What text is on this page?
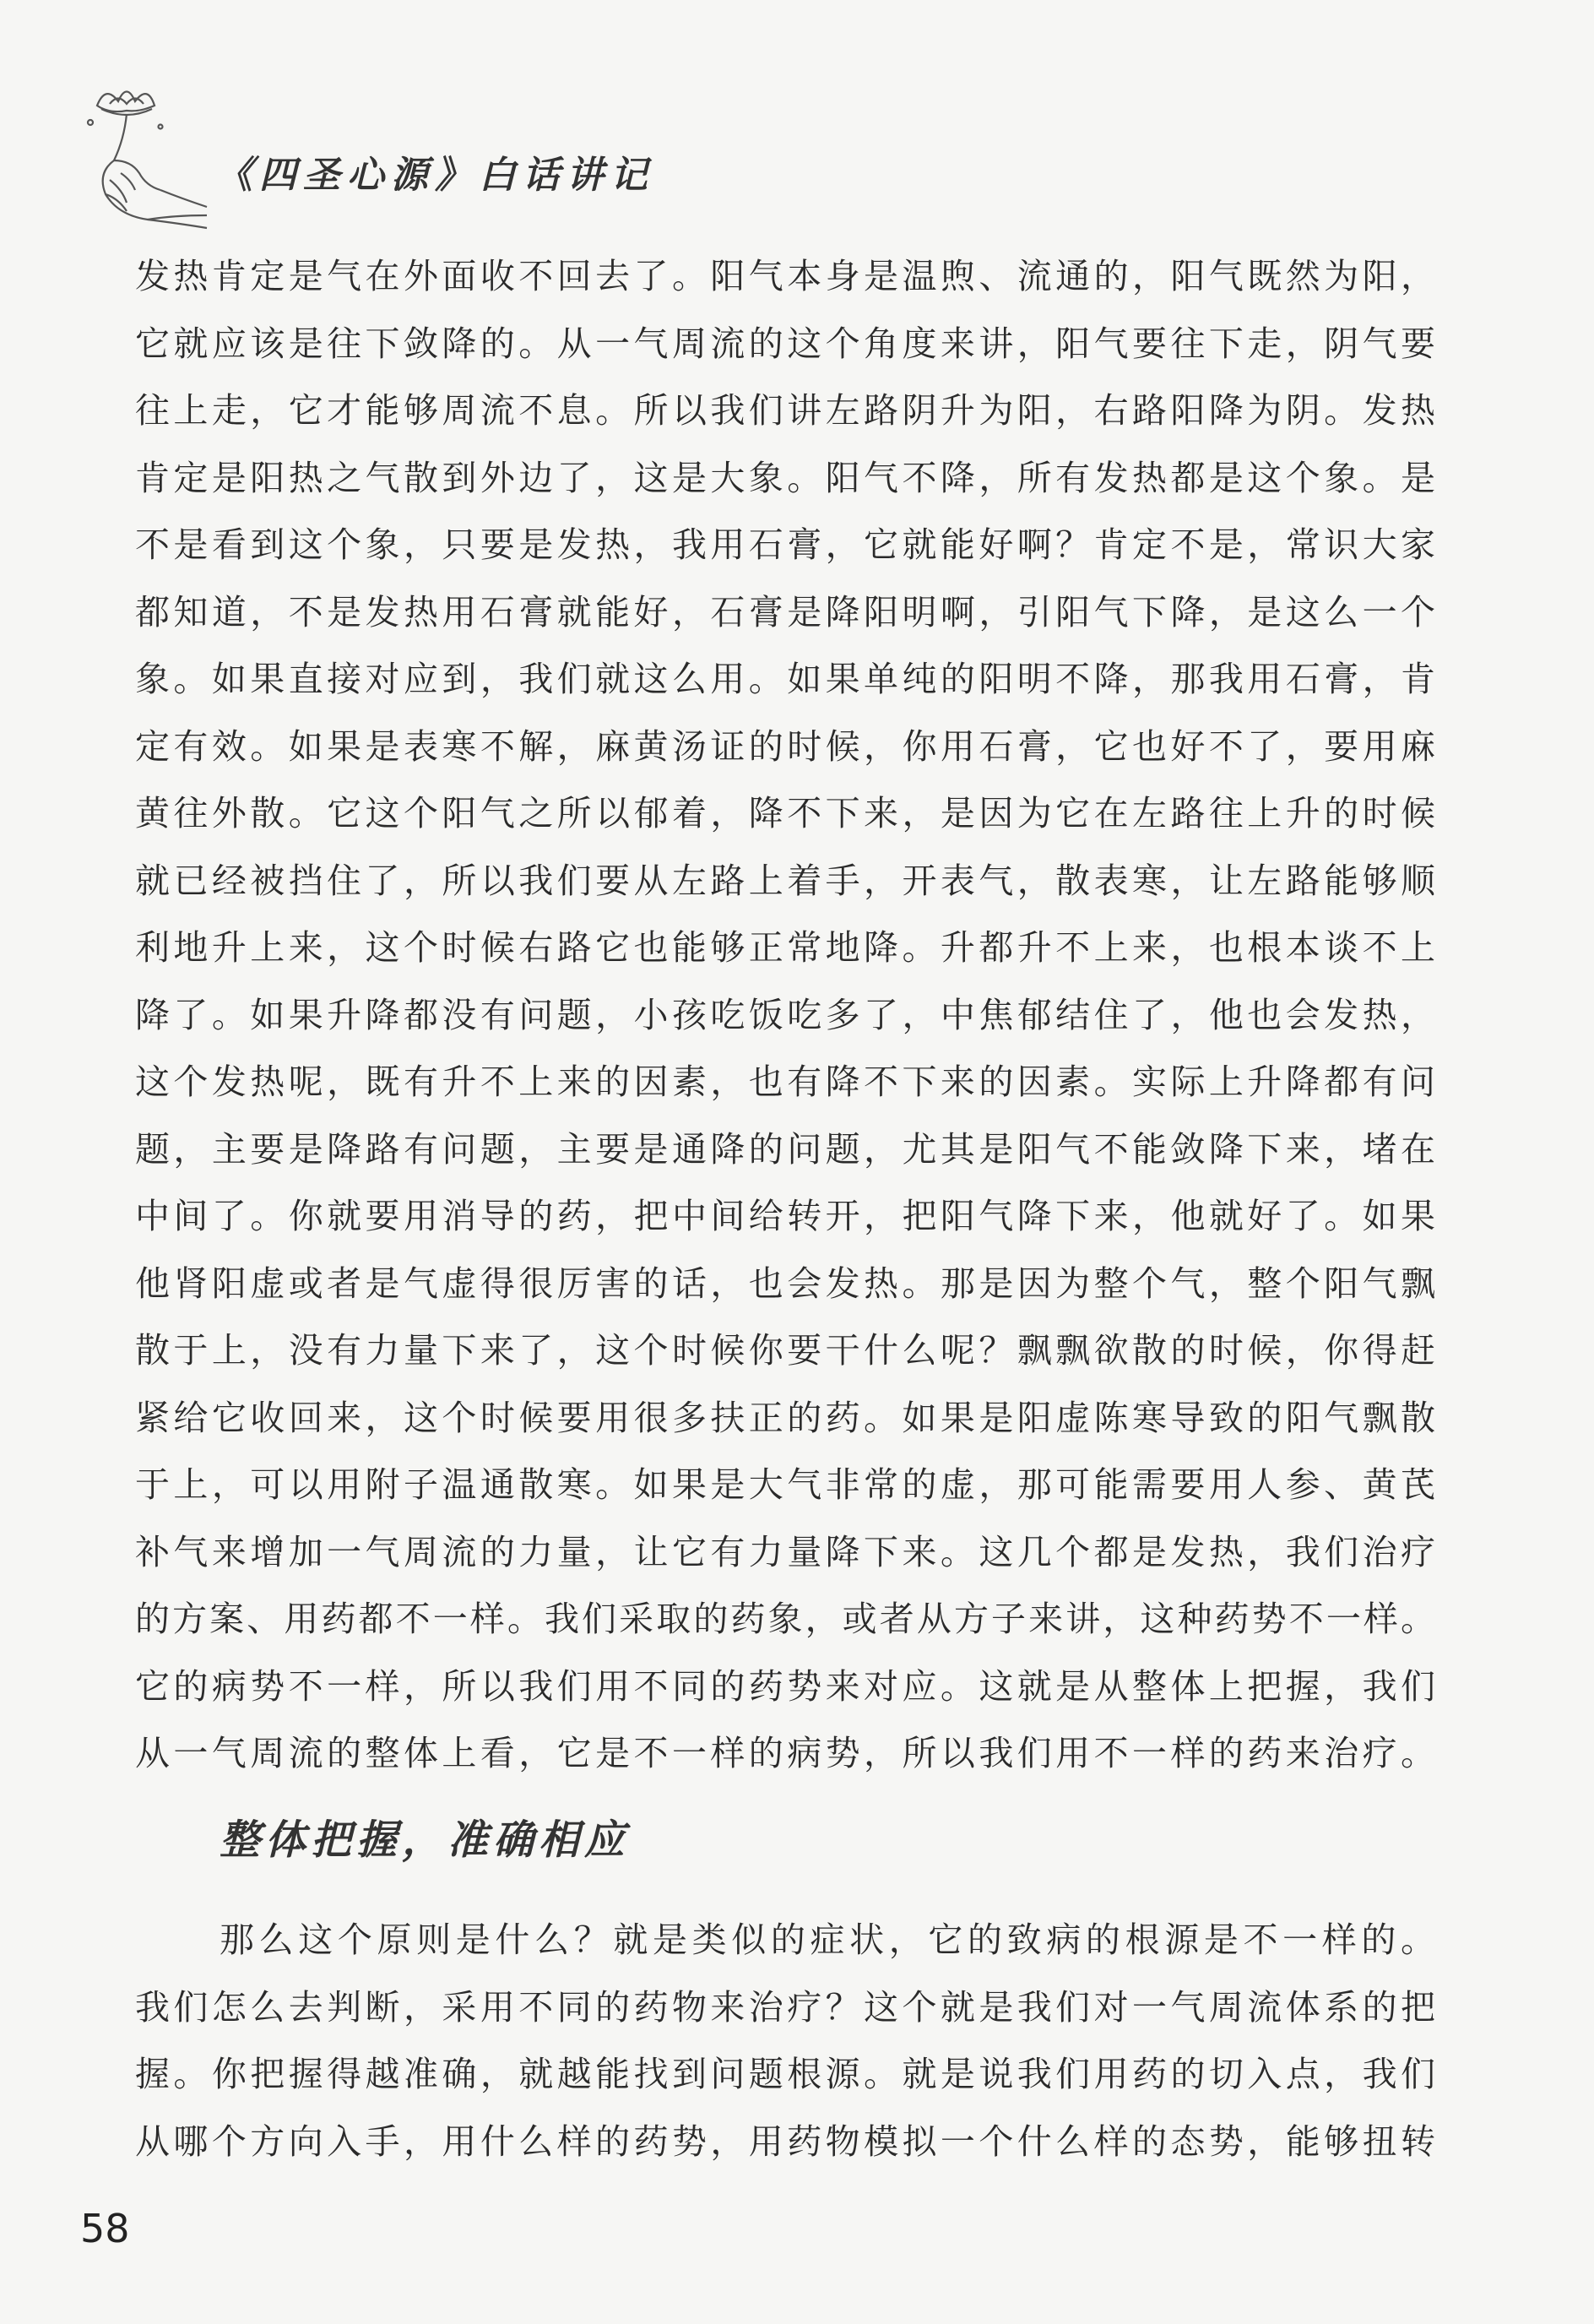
《四圣心源》白话讲记
发热肯定是气在外面收不回去了。阳气本身是温煦、流通的，阳气既然为阳，
它就应该是往下敛降的。从一气周流的这个角度来讲，阳气要往下走，阴气要
往上走，它才能够周流不息。所以我们讲左路阴升为阳，右路阳降为阴。发热
肯定是阳热之气散到外边了，这是大象。阳气不降，所有发热都是这个象。是
不是看到这个象，只要是发热，我用石膏，它就能好啊？肯定不是，常识大家
都知道，不是发热用石膏就能好，石膏是降阳明啊，引阳气下降，是这么一个
象。如果直接对应到，我们就这么用。如果单纯的阳明不降，那我用石膏，肯
定有效。如果是表寒不解，麻黄汤证的时候，你用石膏，它也好不了，要用麻
黄往外散。它这个阳气之所以郁着，降不下来，是因为它在左路往上升的时候
就已经被挡住了，所以我们要从左路上着手，开表气，散表寒，让左路能够顺
利地升上来，这个时候右路它也能够正常地降。升都升不上来，也根本谈不上
降了。如果升降都没有问题，小孩吃饭吃多了，中焦郁结住了，他也会发热，
这个发热呢，既有升不上来的因素，也有降不下来的因素。实际上升降都有问
题，主要是降路有问题，主要是通降的问题，尤其是阳气不能敛降下来，堵在
中间了。你就要用消导的药，把中间给转开，把阳气降下来，他就好了。如果
他肾阳虚或者是气虚得很厉害的话，也会发热。那是因为整个气，整个阳气飘
散于上，没有力量下来了，这个时候你要干什么呢？飘飘欲散的时候，你得赶
紧给它收回来，这个时候要用很多扶正的药。如果是阳虚陈寒导致的阳气飘散
于上，可以用附子温通散寒。如果是大气非常的虚，那可能需要用人参、黄芪
补气来增加一气周流的力量，让它有力量降下来。这几个都是发热，我们治疗
的方案、用药都不一样。我们采取的药象，或者从方子来讲，这种药势不一样。
它的病势不一样，所以我们用不同的药势来对应。这就是从整体上把握，我们
从一气周流的整体上看，它是不一样的病势，所以我们用不一样的药来治疗。
整体把握，准确相应
那么这个原则是什么？就是类似的症状，它的致病的根源是不一样的。
我们怎么去判断，采用不同的药物来治疗？这个就是我们对一气周流体系的把
握。你把握得越准确，就越能找到问题根源。就是说我们用药的切入点，我们
从哪个方向入手，用什么样的药势，用药物模拟一个什么样的态势，能够扭转
58
